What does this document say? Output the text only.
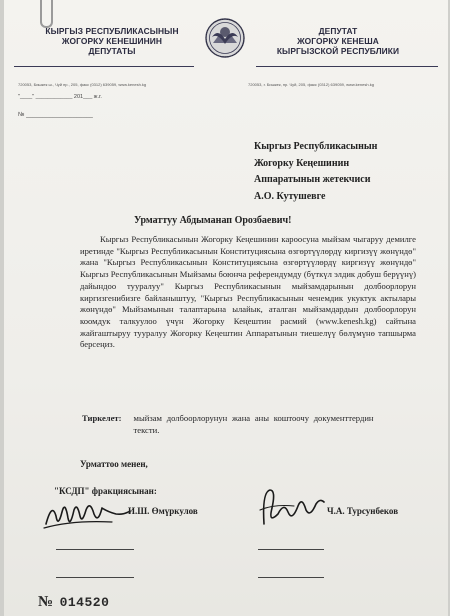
КЫРГЫЗ РЕСПУБЛИКАСЫНЫН
ЖОГОРКУ КЕНЕШИНИН
ДЕПУТАТЫ
ДЕПУТАТ
ЖОГОРКУ КЕНЕША
КЫРГЫЗСКОЙ РЕСПУБЛИКИ
720053, Бишкек ш., Чуй пр., 205, факс (0312) 639059, www.kenesh.kg	720053, г. Бишкек, пр. Чуй, 205, факс (0312) 639059, www.kenesh.kg
"____" ____________ 201___ ж.г.
№ ____________________
Кыргыз Республикасынын
Жогорку Кеңешинин
Аппаратынын жетекчиси
А.О. Кутушевге
Урматтуу Абдыманап Орозбаевич!
Кыргыз Республикасынын Жогорку Кеңешинин кароосуна мыйзам чыгаруу демилге иретинде "Кыргыз Республикасынын Конституциясына өзгөртүүлөрдү киргизүү жөнүндө" жана "Кыргыз Республикасынын Конституциясына өзгөртүүлөрдү киргизүү жөнүндө" Кыргыз Республикасынын Мыйзамы боюнча референдумду (бүткүл элдик добуш берүүнү) дайындоо тууралуу" Кыргыз Республикасынын мыйзамдарынын долбоорлорун киргизгенибизге байланыштуу, "Кыргыз Республикасынын ченемдик укуктук актылары жөнүндө" Мыйзамынын талаптарына ылайык, аталган мыйзамдардын долбоорлорун коомдук талкуулоо үчүн Жогорку Кеңештин расмий (www.kenesh.kg) сайтына жайгаштыруу тууралуу Жогорку Кеңештин Аппаратынын тиешелүү бөлүмүнө тапшырма берсеңиз.
Тиркелет: мыйзам долбоорлорунун жана аны коштоочу документтердин тексти.
Урматтоо менен,
"КСДП" фракциясынан:
И.Ш. Өмүркулов	Ч.А. Турсунбеков
№ 014520
